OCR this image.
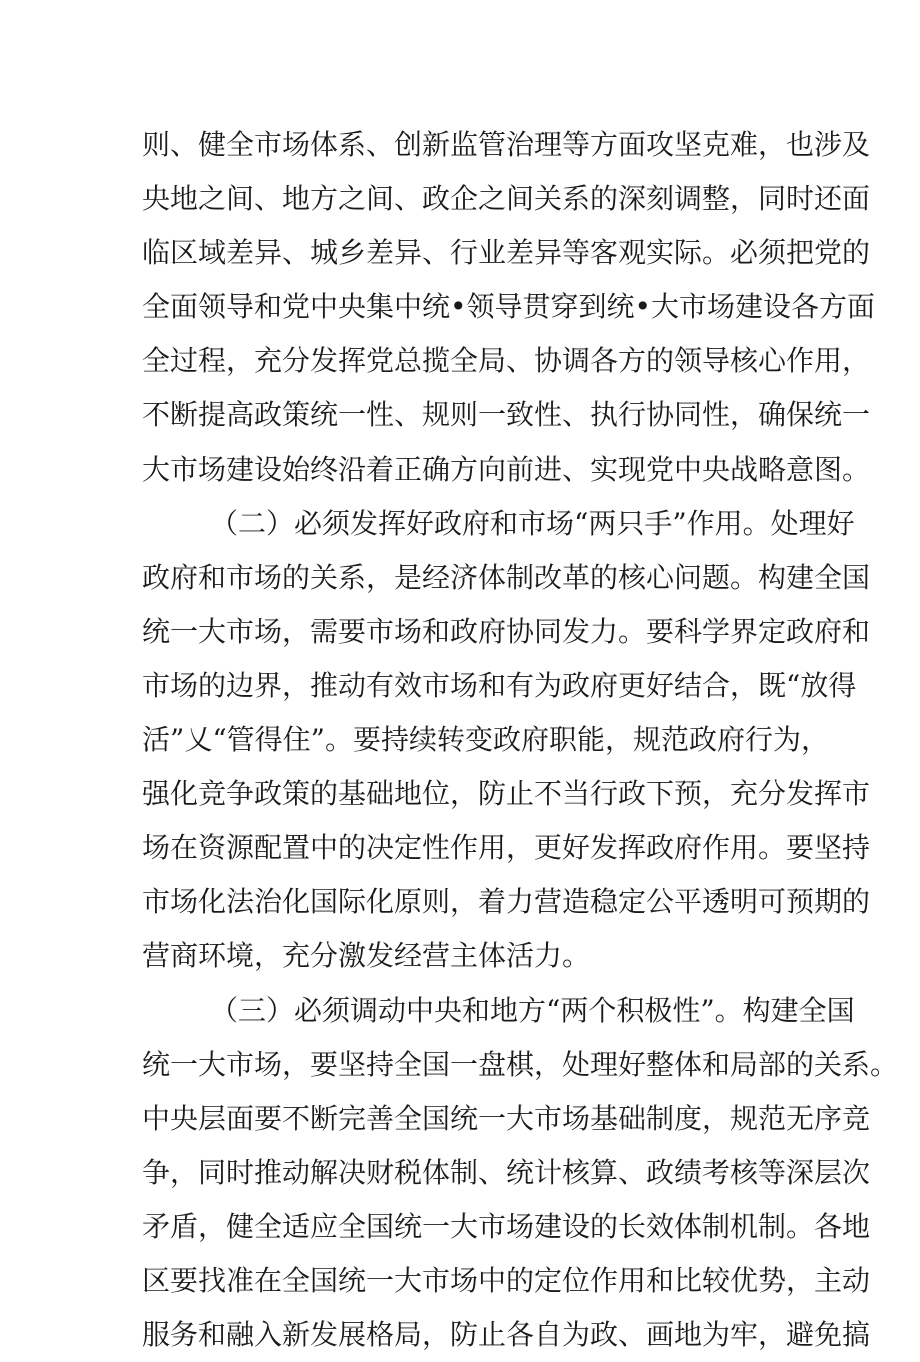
则、健全市场体系、创新监管治理等方面攻坚克难，也涉及
央地之间、地方之间、政企之间关系的深刻调整，同时还面
临区域差异、城乡差异、行业差异等客观实际。必须把党的
全面领导和党中央集中统•领导贯穿到统•大市场建设各方面
全过程，充分发挥党总揽全局、协调各方的领导核心作用，
不断提高政策统一性、规则一致性、执行协同性，确保统一
大市场建设始终沿着正确方向前进、实现党中央战略意图。
（二）必须发挥好政府和市场“两只手”作用。处理好
政府和市场的关系，是经济体制改革的核心问题。构建全国
统一大市场，需要市场和政府协同发力。要科学界定政府和
市场的边界，推动有效市场和有为政府更好结合，既“放得
活”乂“管得住”。要持续转变政府职能，规范政府行为，
强化竞争政策的基础地位，防止不当行政下预，充分发挥市
场在资源配置中的决定性作用，更好发挥政府作用。要坚持
市场化法治化国际化原则，着力营造稳定公平透明可预期的
营商环境，充分激发经营主体活力。
（三）必须调动中央和地方“两个积极性”。构建全国
统一大市场，要坚持全国一盘棋，处理好整体和局部的关系。
中央层面要不断完善全国统一大市场基础制度，规范无序竞
争，同时推动解决财税体制、统计核算、政绩考核等深层次
矛盾，健全适应全国统一大市场建设的长效体制机制。各地
区要找准在全国统一大市场中的定位作用和比较优势，主动
服务和融入新发展格局，防止各自为政、画地为牢，避免搞
